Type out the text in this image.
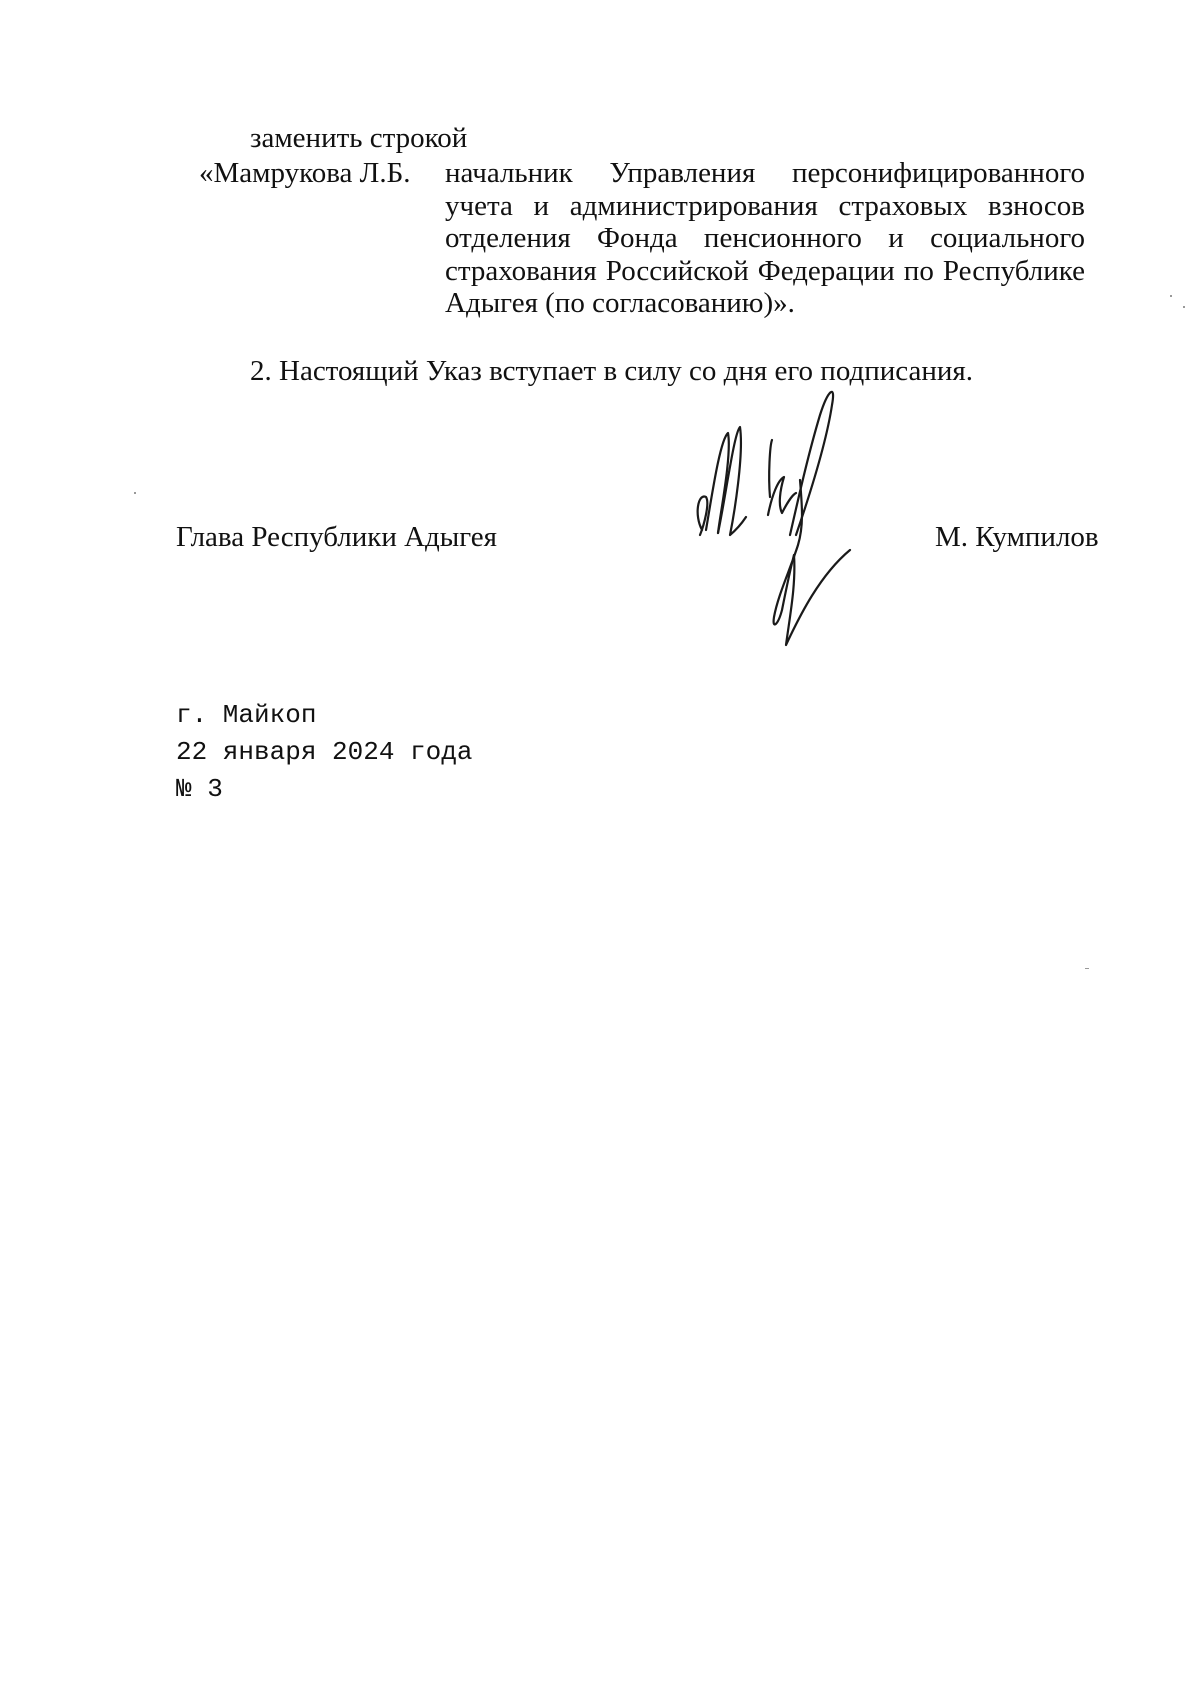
заменить строкой
«Мамрукова Л.Б. начальник Управления персонифицированного учета и администрирования страховых взносов отделения Фонда пенсионного и социального страхования Российской Федерации по Республике Адыгея (по согласованию)».
2. Настоящий Указ вступает в силу со дня его подписания.
Глава Республики Адыгея	М. Кумпилов
г. Майкоп
22 января 2024 года
№ 3
